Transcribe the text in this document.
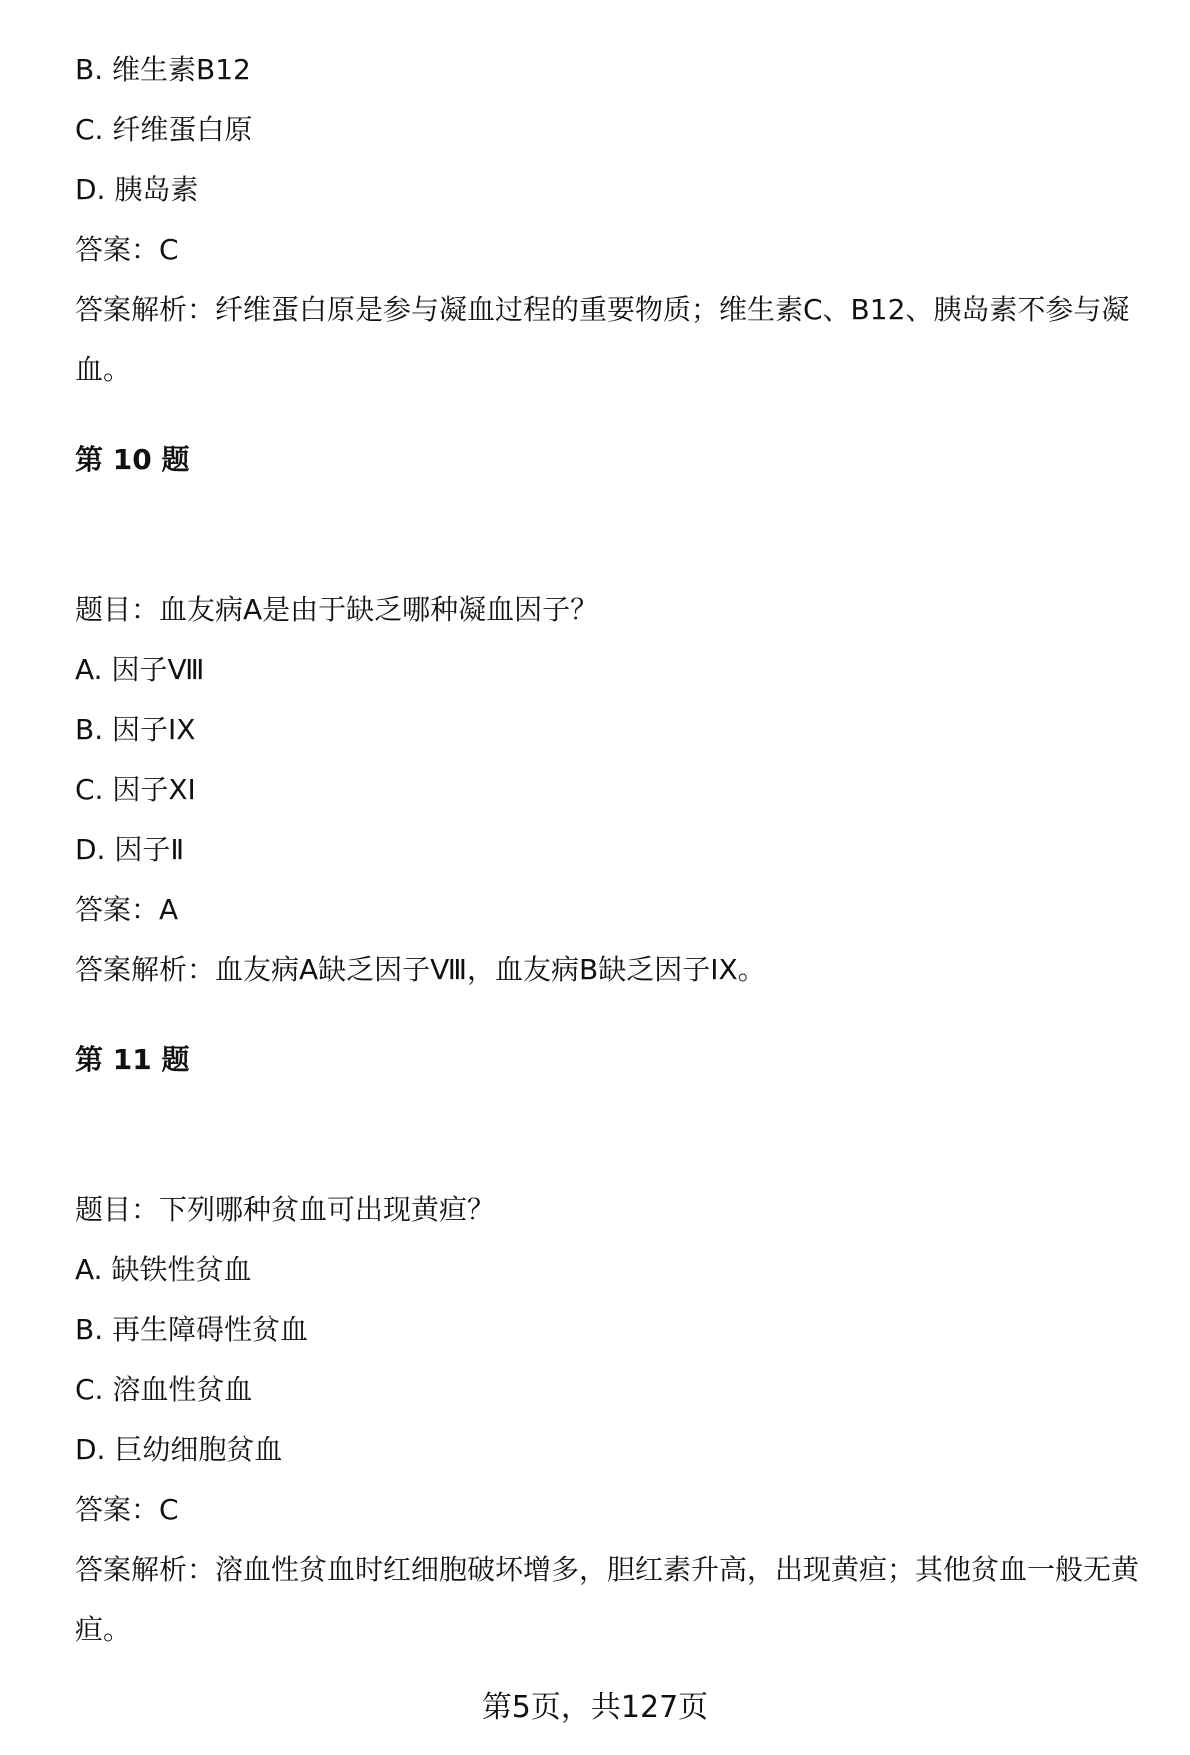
B. 维生素B12
C. 纤维蛋白原
D. 胰岛素
答案：C
答案解析：纤维蛋白原是参与凝血过程的重要物质；维生素C、B12、胰岛素不参与凝血。
第 10 题
题目：血友病A是由于缺乏哪种凝血因子？
A. 因子Ⅷ
B. 因子IX
C. 因子XI
D. 因子Ⅱ
答案：A
答案解析：血友病A缺乏因子Ⅷ，血友病B缺乏因子IX。
第 11 题
题目：下列哪种贫血可出现黄疸？
A. 缺铁性贫血
B. 再生障碍性贫血
C. 溶血性贫血
D. 巨幼细胞贫血
答案：C
答案解析：溶血性贫血时红细胞破坏增多，胆红素升高，出现黄疸；其他贫血一般无黄疸。
第5页，共127页
